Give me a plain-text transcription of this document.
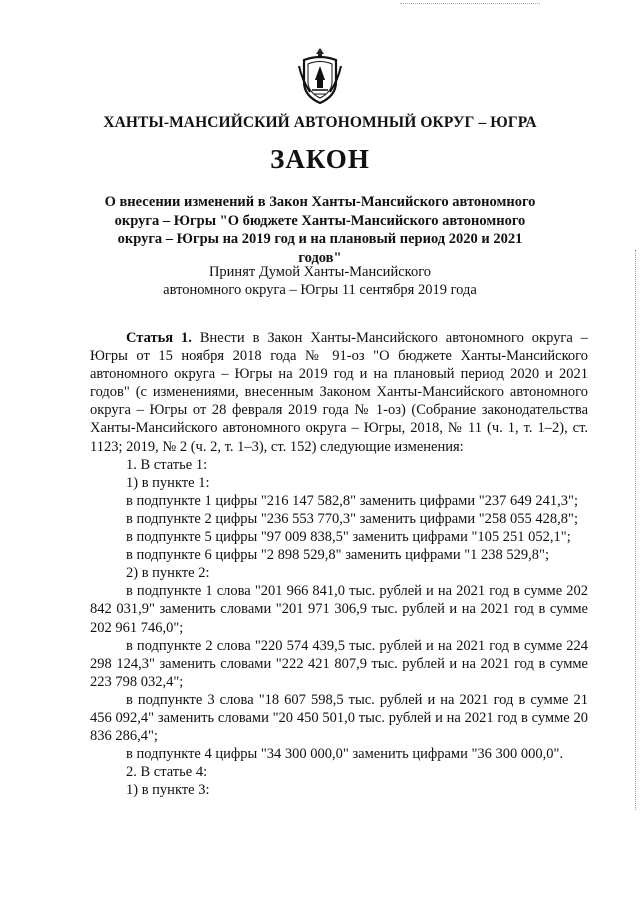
ХАНТЫ-МАНСИЙСКИЙ АВТОНОМНЫЙ ОКРУГ – ЮГРА
ЗАКОН
О внесении изменений в Закон Ханты-Мансийского автономного округа – Югры "О бюджете Ханты-Мансийского автономного округа – Югры на 2019 год и на плановый период 2020 и 2021 годов"
Принят Думой Ханты-Мансийского
автономного округа – Югры 11 сентября 2019 года

Статья 1. Внести в Закон Ханты-Мансийского автономного округа – Югры от 15 ноября 2018 года № 91-оз "О бюджете Ханты-Мансийского автономного округа – Югры на 2019 год и на плановый период 2020 и 2021 годов" (с изменениями, внесенным Законом Ханты-Мансийского автономного округа – Югры от 28 февраля 2019 года № 1-оз) (Собрание законодательства Ханты-Мансийского автономного округа – Югры, 2018, № 11 (ч. 1, т. 1–2), ст. 1123; 2019, № 2 (ч. 2, т. 1–3), ст. 152) следующие изменения:

1. В статье 1:

1) в пункте 1:

в подпункте 1 цифры "216 147 582,8" заменить цифрами "237 649 241,3";

в подпункте 2 цифры "236 553 770,3" заменить цифрами "258 055 428,8";

в подпункте 5 цифры "97 009 838,5" заменить цифрами "105 251 052,1";

в подпункте 6 цифры "2 898 529,8" заменить цифрами "1 238 529,8";

2) в пункте 2:

в подпункте 1 слова "201 966 841,0 тыс. рублей и на 2021 год в сумме 202 842 031,9" заменить словами "201 971 306,9 тыс. рублей и на 2021 год в сумме 202 961 746,0";

в подпункте 2 слова "220 574 439,5 тыс. рублей и на 2021 год в сумме 224 298 124,3" заменить словами "222 421 807,9 тыс. рублей и на 2021 год в сумме 223 798 032,4";

в подпункте 3 слова "18 607 598,5 тыс. рублей и на 2021 год в сумме 21 456 092,4" заменить словами "20 450 501,0 тыс. рублей и на 2021 год в сумме 20 836 286,4";

в подпункте 4 цифры "34 300 000,0" заменить цифрами "36 300 000,0".

2. В статье 4:

1) в пункте 3:
